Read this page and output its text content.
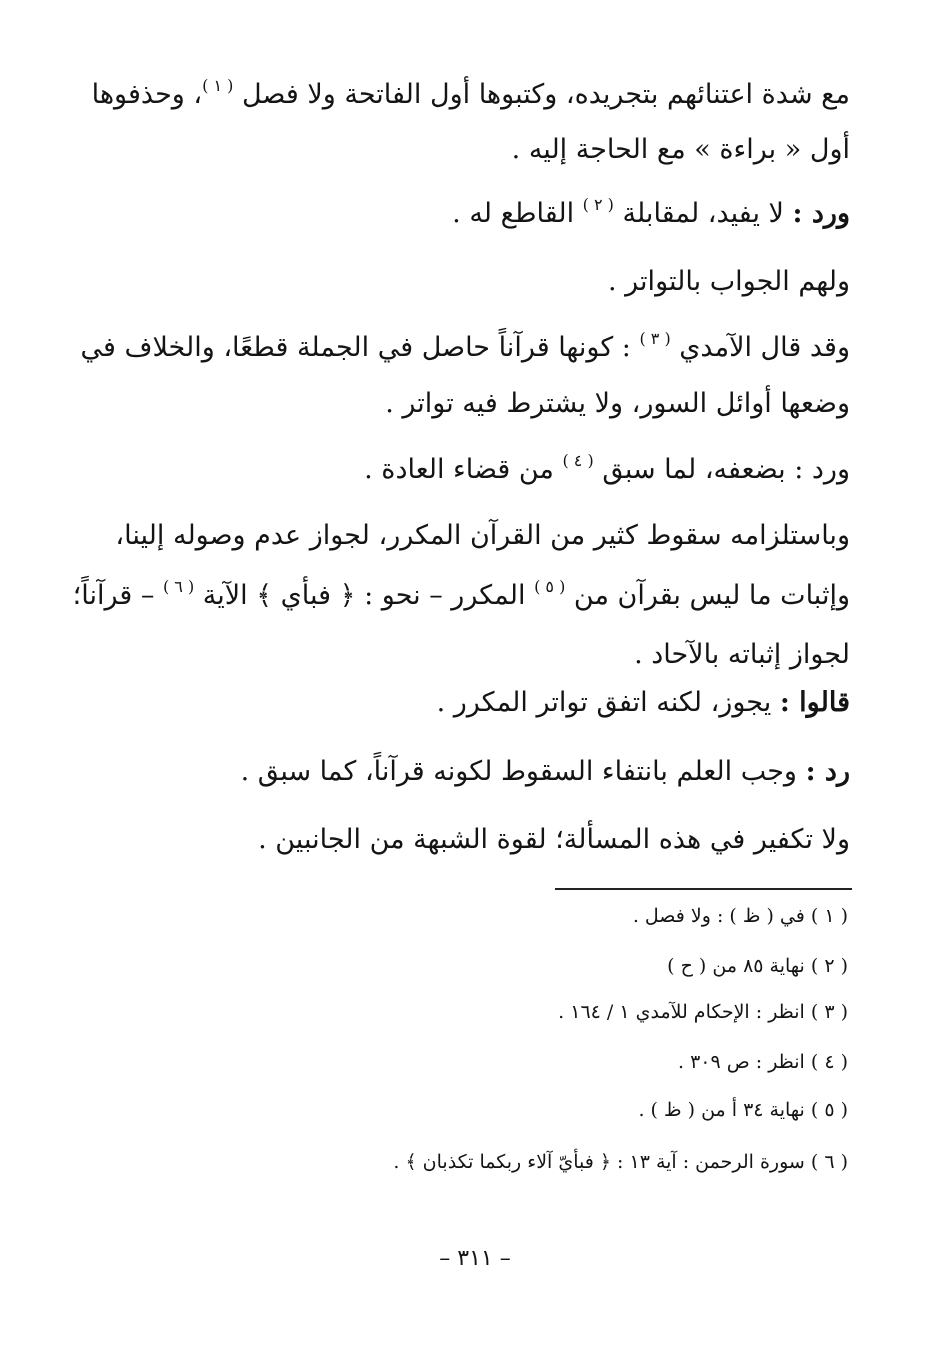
مع شدة اعتنائهم بتجريده، وكتبوها أول الفاتحة ولا فصل $^{( ١ )}$، وحذفوها
أول « براءة » مع الحاجة إليه .
ورد : لا يفيد، لمقابلة $^{( ٢ )}$ القاطع له .
ولهم الجواب بالتواتر .
وقد قال الآمدي $^{( ٣ )}$ : كونها قرآناً حاصل في الجملة قطعًا، والخلاف في
وضعها أوائل السور، ولا يشترط فيه تواتر .
ورد : بضعفه، لما سبق $^{( ٤ )}$ من قضاء العادة .
وباستلزامه سقوط كثير من القرآن المكرر، لجواز عدم وصوله إلينا،
وإثبات ما ليس بقرآن من $^{( ٥ )}$ المكرر – نحو : ﴿ فبأي ﴾ الآية $^{( ٦ )}$ – قرآناً؛
لجواز إثباته بالآحاد .
قالوا : يجوز، لكنه اتفق تواتر المكرر .
رد : وجب العلم بانتفاء السقوط لكونه قرآناً، كما سبق .
ولا تكفير في هذه المسألة؛ لقوة الشبهة من الجانبين .
( ١ ) في ( ظ ) : ولا فصل .
( ٢ ) نهاية ٨٥ من ( ح )
( ٣ ) انظر : الإحكام للآمدي ١ / ١٦٤ .
( ٤ ) انظر : ص ٣٠٩ .
( ٥ ) نهاية ٣٤ أ من ( ظ ) .
( ٦ ) سورة الرحمن : آية ١٣ : ﴿ فبأيّ آلاء ربكما تكذبان ﴾ .
– ٣١١ –
